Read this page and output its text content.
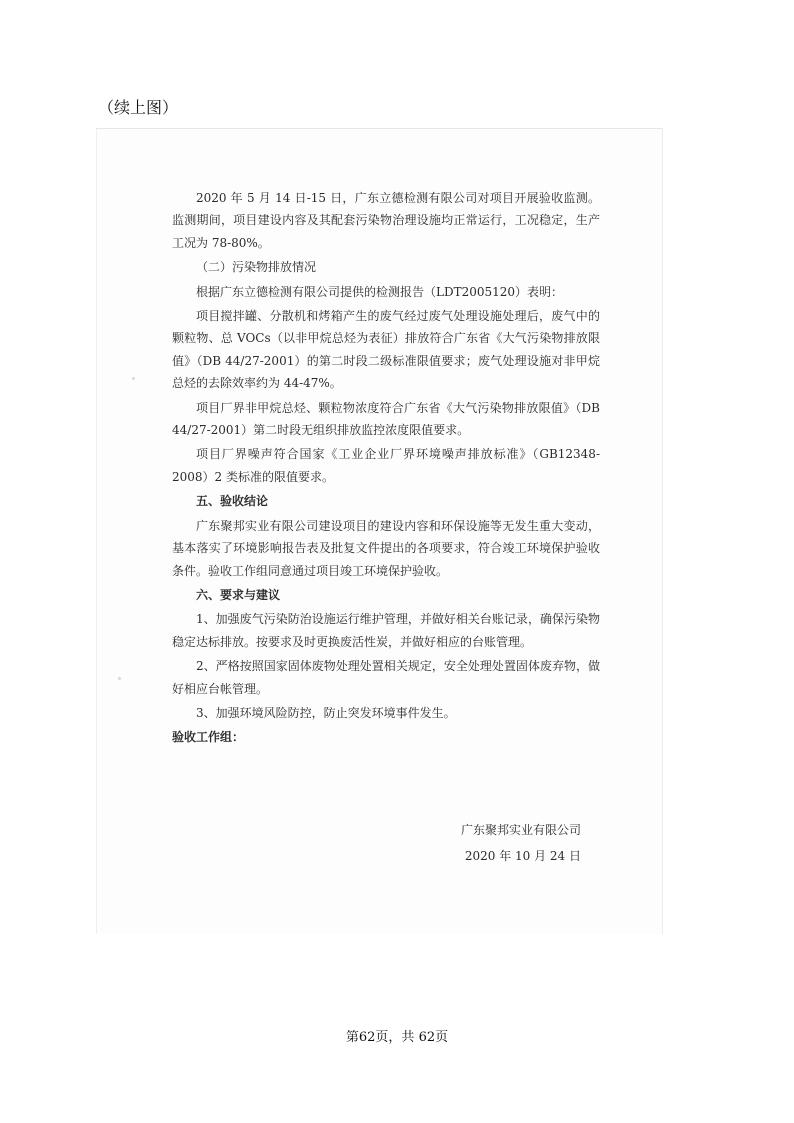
（续上图）

2020 年 5 月 14 日-15 日，广东立德检测有限公司对项目开展验收监测。监测期间，项目建设内容及其配套污染物治理设施均正常运行，工况稳定，生产工况为 78-80%。

（二）污染物排放情况

根据广东立德检测有限公司提供的检测报告（LDT2005120）表明：

项目搅拌罐、分散机和烤箱产生的废气经过废气处理设施处理后，废气中的颗粒物、总 VOCs（以非甲烷总烃为表征）排放符合广东省《大气污染物排放限值》（DB 44/27-2001）的第二时段二级标准限值要求；废气处理设施对非甲烷总烃的去除效率约为 44-47%。

项目厂界非甲烷总烃、颗粒物浓度符合广东省《大气污染物排放限值》（DB 44/27-2001）第二时段无组织排放监控浓度限值要求。

项目厂界噪声符合国家《工业企业厂界环境噪声排放标准》（GB12348-2008）2 类标准的限值要求。

五、验收结论

广东聚邦实业有限公司建设项目的建设内容和环保设施等无发生重大变动，基本落实了环境影响报告表及批复文件提出的各项要求，符合竣工环境保护验收条件。验收工作组同意通过项目竣工环境保护验收。

六、要求与建议

1、加强废气污染防治设施运行维护管理，并做好相关台账记录，确保污染物稳定达标排放。按要求及时更换废活性炭，并做好相应的台账管理。

2、严格按照国家固体废物处理处置相关规定，安全处理处置固体废弃物，做好相应台帐管理。

3、加强环境风险防控，防止突发环境事件发生。

验收工作组：

广东聚邦实业有限公司
2020 年 10 月 24 日
第62页，共 62页
